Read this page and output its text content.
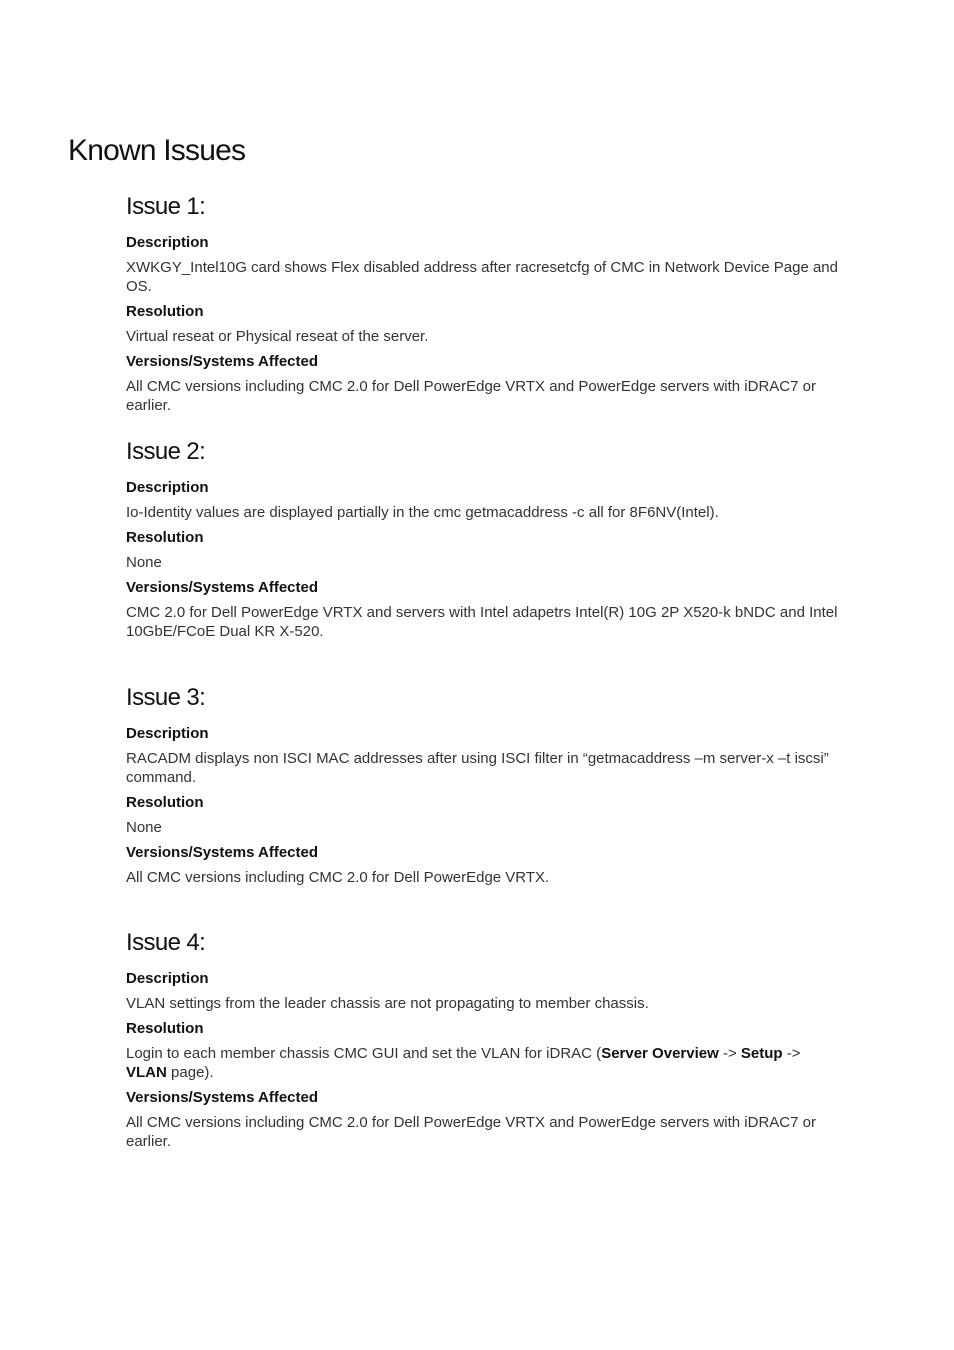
Known Issues
Issue 1:
Description

XWKGY_Intel10G card shows Flex disabled address after racresetcfg of CMC in Network Device Page and OS.

Resolution

Virtual reseat or Physical reseat of the server.

Versions/Systems Affected

All CMC versions including CMC 2.0 for Dell PowerEdge VRTX and PowerEdge servers with iDRAC7 or earlier.

Issue 2:
Description

Io-Identity values are displayed partially in the cmc getmacaddress -c all for 8F6NV(Intel).

Resolution

None

Versions/Systems Affected

CMC 2.0 for Dell PowerEdge VRTX and servers with Intel adapetrs Intel(R) 10G 2P X520-k bNDC and Intel 10GbE/FCoE Dual KR X-520.

Issue 3:
Description

RACADM displays non ISCI MAC addresses after using ISCI filter in “getmacaddress –m server-x –t iscsi” command.

Resolution

None

Versions/Systems Affected

All CMC versions including CMC 2.0 for Dell PowerEdge VRTX.

Issue 4:
Description

VLAN settings from the leader chassis are not propagating to member chassis.

Resolution

Login to each member chassis CMC GUI and set the VLAN for iDRAC (Server Overview -> Setup -> VLAN page).

Versions/Systems Affected

All CMC versions including CMC 2.0 for Dell PowerEdge VRTX and PowerEdge servers with iDRAC7 or earlier.
